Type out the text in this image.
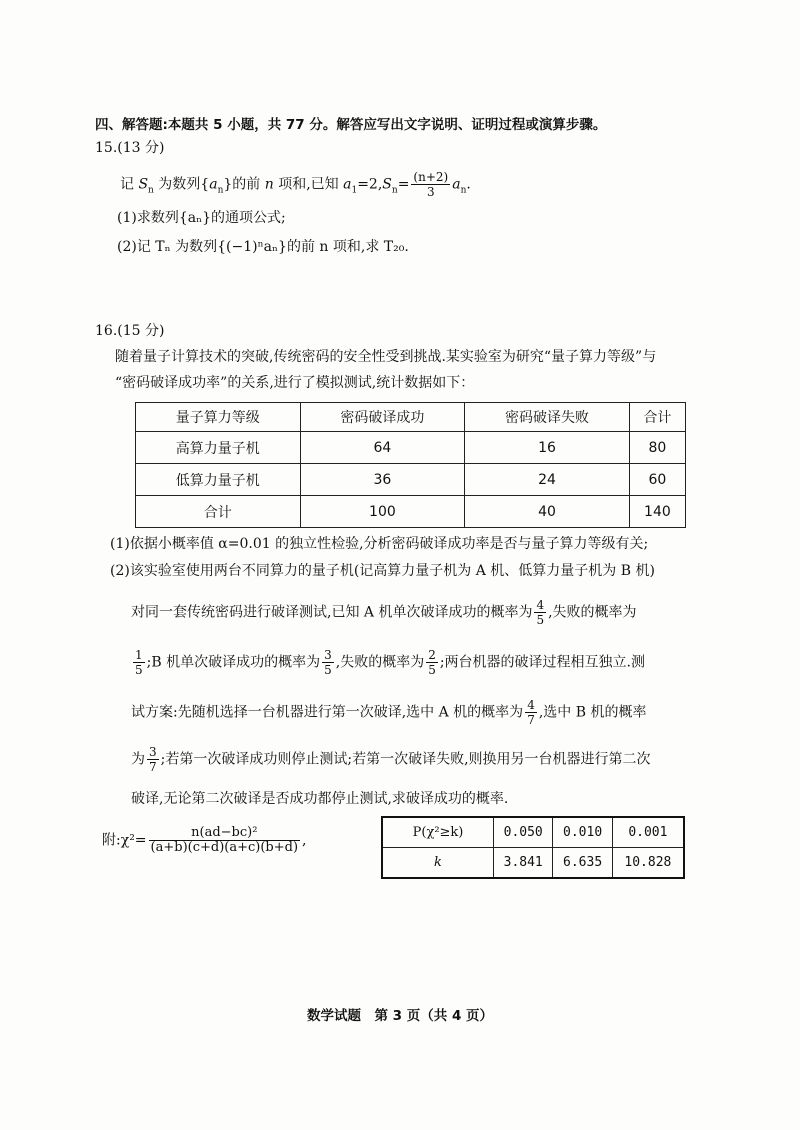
四、解答题:本题共 5 小题，共 77 分。解答应写出文字说明、证明过程或演算步骤。
15.(13 分)
记 $S_n$ 为数列$\{a_n\}$的前 n 项和,已知 $a_1=2,S_n= \frac{(n+2)}{3} a_n$.
(1)求数列{aₙ}的通项公式;
(2)记 Tₙ 为数列{(−1)ⁿaₙ}的前 n 项和,求 T₂₀.
16.(15 分)
随着量子计算技术的突破,传统密码的安全性受到挑战.某实验室为研究“量子算力等级”与
“密码破译成功率”的关系,进行了模拟测试,统计数据如下：
量子算力等级	密码破译成功	密码破译失败	合计
高算力量子机	64	16	80
低算力量子机	36	24	60
合计	100	40	140
(1)依据小概率值 α=0.01 的独立性检验,分析密码破译成功率是否与量子算力等级有关;
(2)该实验室使用两台不同算力的量子机(记高算力量子机为 A 机、低算力量子机为 B 机)
对同一套传统密码进行破译测试,已知 A 机单次破译成功的概率为 $\frac{4}{5}$ ,失败的概率为
$\frac{1}{5}$ ;B 机单次破译成功的概率为 $\frac{3}{5}$ ,失败的概率为 $\frac{2}{5}$ ;两台机器的破译过程相互独立.测
试方案:先随机选择一台机器进行第一次破译,选中 A 机的概率为 $\frac{4}{7}$ ,选中 B 机的概率
为 $\frac{3}{7}$ ;若第一次破译成功则停止测试;若第一次破译失败,则换用另一台机器进行第二次
破译,无论第二次破译是否成功都停止测试,求破译成功的概率.
附:χ²= $\frac{\text{n(ad−bc)²}}{(a+b)(c+d)(a+c)(b+d)}$ ,	P(χ²≥k)	0.050	0.010	0.001
k	3.841	6.635	10.828
数学试题　第 3 页（共 4 页）
